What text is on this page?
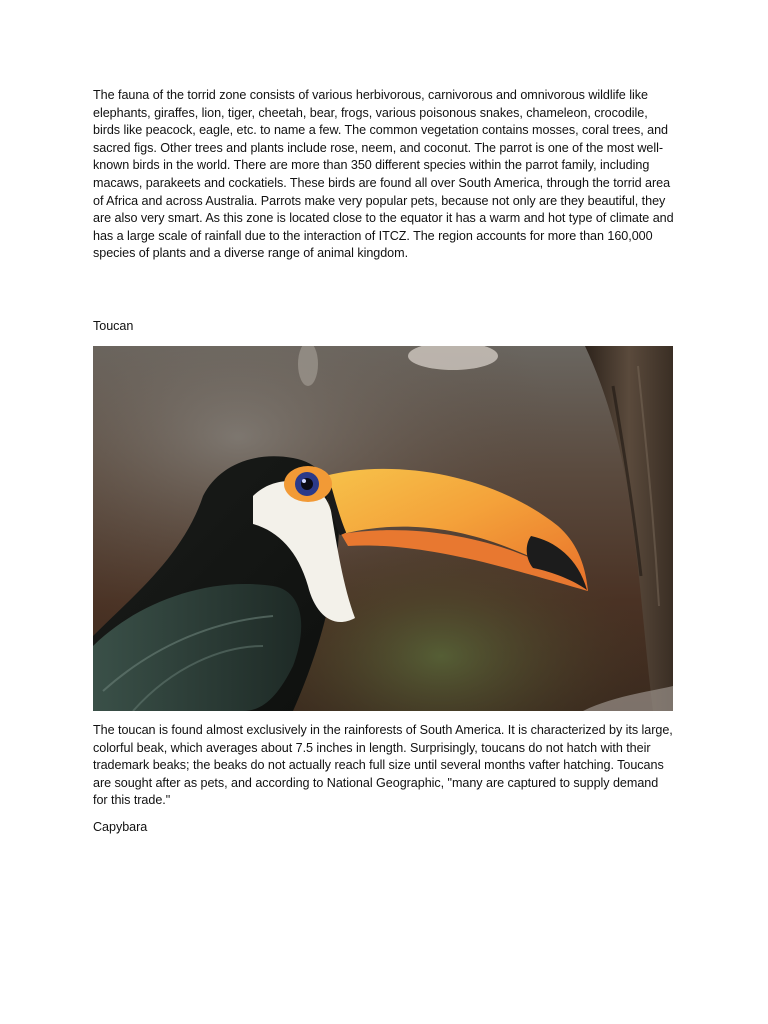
The fauna of the torrid zone consists of various herbivorous, carnivorous and omnivorous wildlife like elephants, giraffes, lion, tiger, cheetah, bear, frogs, various poisonous snakes, chameleon, crocodile, birds like peacock, eagle, etc. to name a few. The common vegetation contains mosses, coral trees, and sacred figs. Other trees and plants include rose, neem, and coconut. The parrot is one of the most well-known birds in the world. There are more than 350 different species within the parrot family, including macaws, parakeets and cockatiels. These birds are found all over South America, through the torrid area of Africa and across Australia. Parrots make very popular pets, because not only are they beautiful, they are also very smart. As this zone is located close to the equator it has a warm and hot type of climate and has a large scale of rainfall due to the interaction of ITCZ. The region accounts for more than 160,000 species of plants and a diverse range of animal kingdom.

Toucan

The toucan is found almost exclusively in the rainforests of South America. It is characterized by its large, colorful beak, which averages about 7.5 inches in length. Surprisingly, toucans do not hatch with their trademark beaks; the beaks do not actually reach full size until several months vafter hatching. Toucans are sought after as pets, and according to National Geographic, "many are captured to supply demand for this trade."

Capybara
